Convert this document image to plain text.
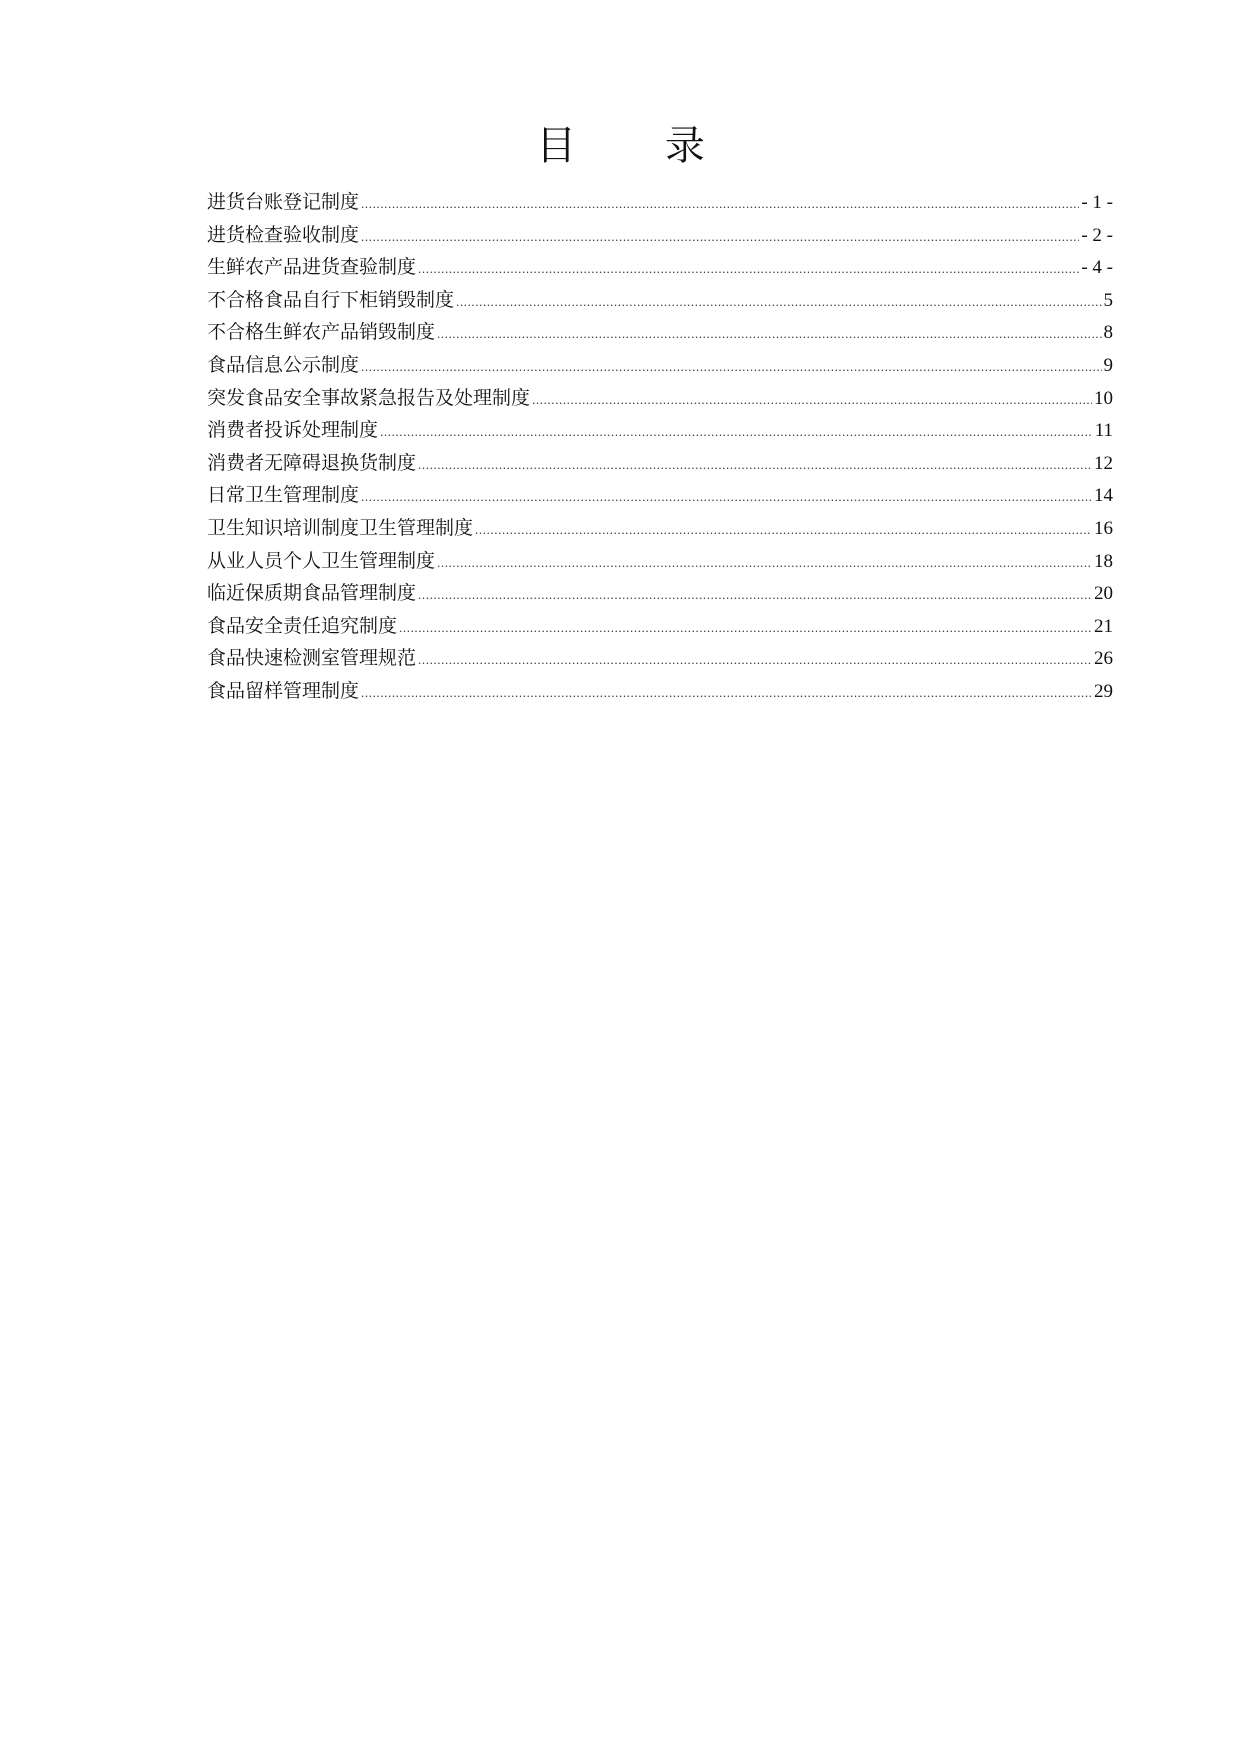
目 录
进货台账登记制度 .....	- 1 -
进货检查验收制度 .....	- 2 -
生鲜农产品进货查验制度 .....	- 4 -
不合格食品自行下柜销毁制度 .....	5
不合格生鲜农产品销毁制度 .....	8
食品信息公示制度 .....	9
突发食品安全事故紧急报告及处理制度 .....	10
消费者投诉处理制度 .....	11
消费者无障碍退换货制度 .....	12
日常卫生管理制度 .....	14
卫生知识培训制度卫生管理制度 .....	16
从业人员个人卫生管理制度 .....	18
临近保质期食品管理制度 .....	20
食品安全责任追究制度 .....	21
食品快速检测室管理规范 .....	26
食品留样管理制度 .....	29
